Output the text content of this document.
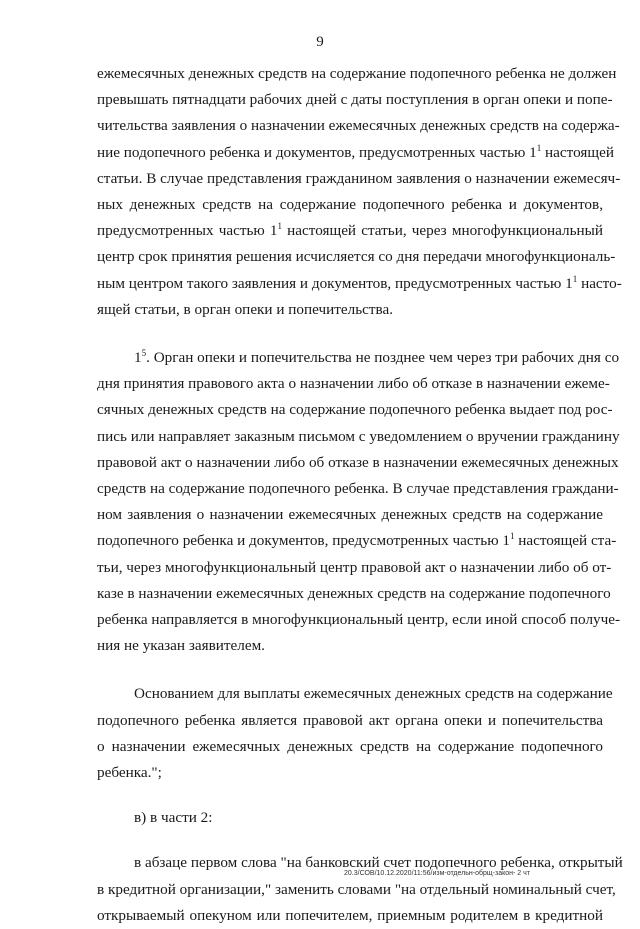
9
ежемесячных денежных средств на содержание подопечного ребенка не должен
превышать пятнадцати рабочих дней с даты поступления в орган опеки и попе-
чительства заявления о назначении ежемесячных денежных средств на содержа-
ние подопечного ребенка и документов, предусмотренных частью $1^1$ настоящей
статьи. В случае представления гражданином заявления о назначении ежемесяч-
ных денежных средств на содержание подопечного ребенка и документов,
предусмотренных частью $1^1$ настоящей статьи, через многофункциональный
центр срок принятия решения исчисляется со дня передачи многофункциональ-
ным центром такого заявления и документов, предусмотренных частью $1^1$ насто-
ящей статьи, в орган опеки и попечительства.
$1^5$. Орган опеки и попечительства не позднее чем через три рабочих дня со
дня принятия правового акта о назначении либо об отказе в назначении ежеме-
сячных денежных средств на содержание подопечного ребенка выдает под рос-
пись или направляет заказным письмом с уведомлением о вручении гражданину
правовой акт о назначении либо об отказе в назначении ежемесячных денежных
средств на содержание подопечного ребенка. В случае представления граждани-
ном заявления о назначении ежемесячных денежных средств на содержание
подопечного ребенка и документов, предусмотренных частью $1^1$ настоящей ста-
тьи, через многофункциональный центр правовой акт о назначении либо об от-
казе в назначении ежемесячных денежных средств на содержание подопечного
ребенка направляется в многофункциональный центр, если иной способ получе-
ния не указан заявителем.
Основанием для выплаты ежемесячных денежных средств на содержание
подопечного ребенка является правовой акт органа опеки и попечительства
о назначении ежемесячных денежных средств на содержание подопечного
ребенка.";
в) в части 2:
в абзаце первом слова "на банковский счет подопечного ребенка, открытый
в кредитной организации," заменить словами "на отдельный номинальный счет,
открываемый опекуном или попечителем, приемным родителем в кредитной
20.3/СОВ/10.12.2020/11:56/изм-отдельн-обрщ-закон- 2 чт
